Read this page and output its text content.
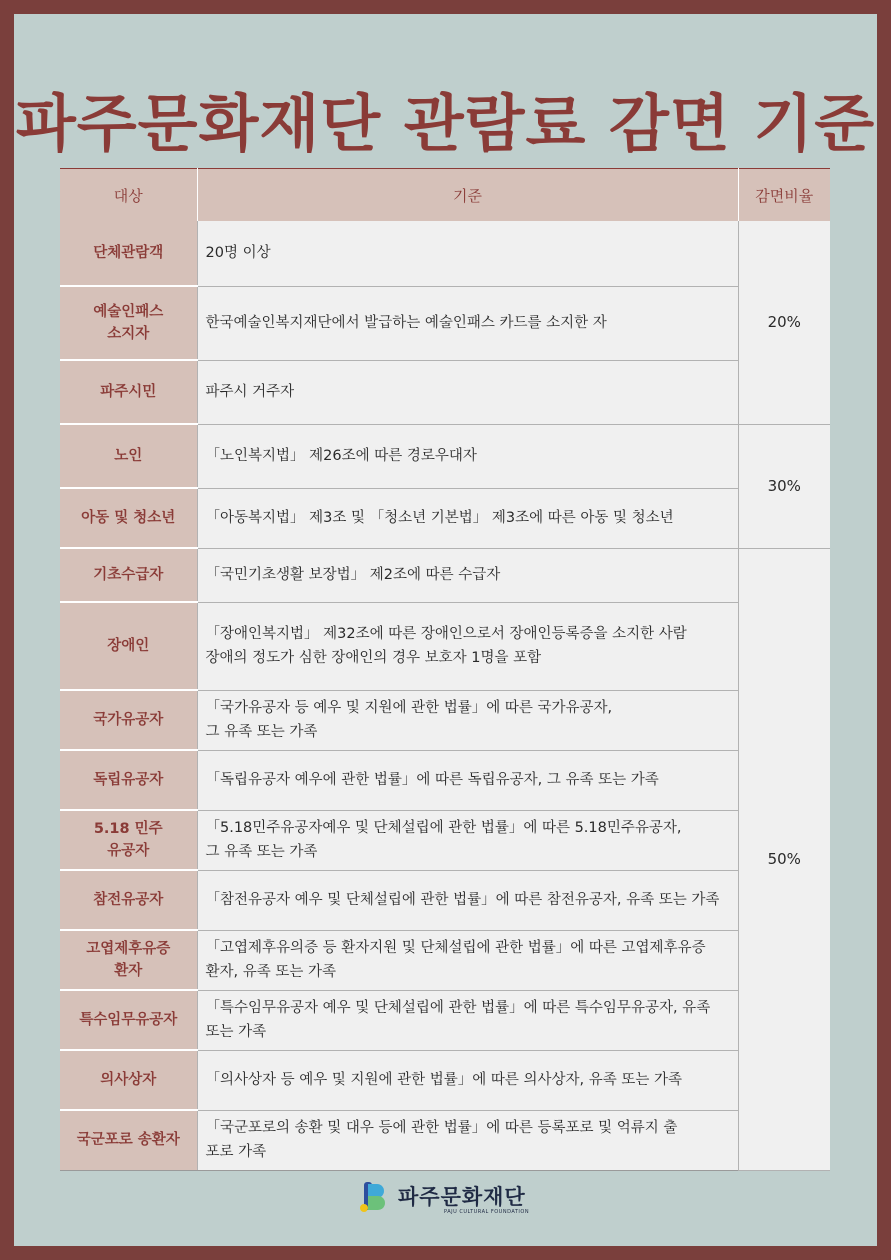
파주문화재단 관람료 감면 기준
대상	기준	감면비율
단체관람객	20명 이상	20%
예술인패스
소지자	한국예술인복지재단에서 발급하는 예술인패스 카드를 소지한 자	
파주시민	파주시 거주자	
노인	「노인복지법」 제26조에 따른 경로우대자	30%
아동 및 청소년	「아동복지법」 제3조 및 「청소년 기본법」 제3조에 따른 아동 및 청소년	
기초수급자	「국민기초생활 보장법」 제2조에 따른 수급자	50%
장애인	「장애인복지법」 제32조에 따른 장애인으로서 장애인등록증을 소지한 사람
장애의 정도가 심한 장애인의 경우 보호자 1명을 포함	
국가유공자	「국가유공자 등 예우 및 지원에 관한 법률」에 따른 국가유공자,
그 유족 또는 가족	
독립유공자	「독립유공자 예우에 관한 법률」에 따른 독립유공자, 그 유족 또는 가족	
5.18 민주
유공자	「5.18민주유공자예우 및 단체설립에 관한 법률」에 따른 5.18민주유공자,
그 유족 또는 가족	
참전유공자	「참전유공자 예우 및 단체설립에 관한 법률」에 따른 참전유공자, 유족 또는 가족	
고엽제후유증
환자	「고엽제후유의증 등 환자지원 및 단체설립에 관한 법률」에 따른 고엽제후유증
환자, 유족 또는 가족	
특수임무유공자	「특수임무유공자 예우 및 단체설립에 관한 법률」에 따른 특수임무유공자, 유족
또는 가족	
의사상자	「의사상자 등 예우 및 지원에 관한 법률」에 따른 의사상자, 유족 또는 가족	
국군포로 송환자	「국군포로의 송환 및 대우 등에 관한 법률」에 따른 등록포로 및 억류지 출
포로 가족	
파주문화재단
PAJU CULTURAL FOUNDATION
